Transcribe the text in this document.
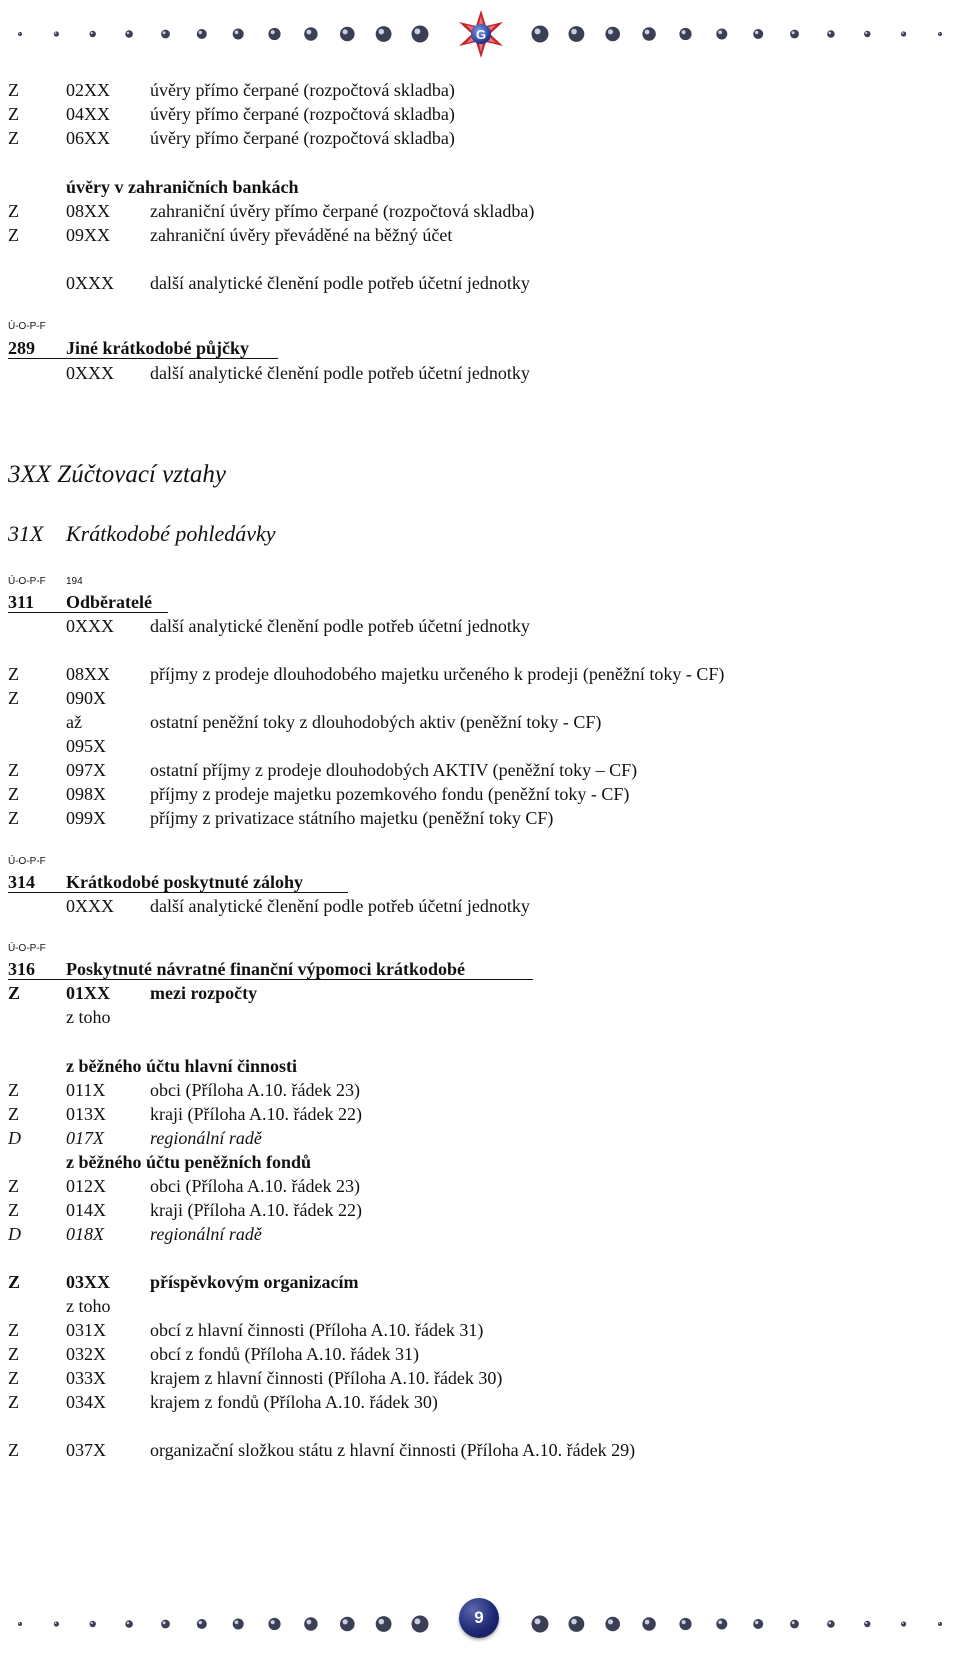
G
Z	02XX úvěry přímo čerpané (rozpočtová skladba)
Z	04XX úvěry přímo čerpané (rozpočtová skladba)
Z	06XX úvěry přímo čerpané (rozpočtová skladba)
úvěry v zahraničních bankách
Z	08XX zahraniční úvěry přímo čerpané (rozpočtová skladba)
Z	09XX zahraniční úvěry převáděné na běžný účet
0XXX další analytické členění podle potřeb účetní jednotky
Ú-O-P-F
289 Jiné krátkodobé půjčky
0XXX další analytické členění podle potřeb účetní jednotky
3XX Zúčtovací vztahy
31X Krátkodobé pohledávky
Ú-O-P-F 194
311 Odběratelé
0XXX další analytické členění podle potřeb účetní jednotky
Z	08XX příjmy z prodeje dlouhodobého majetku určeného k prodeji (peněžní toky - CF)
Z	090X
až	ostatní peněžní toky z dlouhodobých aktiv (peněžní toky - CF)
095X
Z	097X ostatní příjmy z prodeje dlouhodobých AKTIV (peněžní toky – CF)
Z	098X příjmy z prodeje majetku pozemkového fondu (peněžní toky - CF)
Z	099X příjmy z privatizace státního majetku (peněžní toky CF)
Ú-O-P-F
314 Krátkodobé poskytnuté zálohy
0XXX další analytické členění podle potřeb účetní jednotky
Ú-O-P-F
316 Poskytnuté návratné finanční výpomoci krátkodobé
Z	01XX mezi rozpočty
z toho
z běžného účtu hlavní činnosti
Z	011X obci (Příloha A.10. řádek 23)
Z	013X kraji (Příloha A.10. řádek 22)
D	017X	regionální radě
z běžného účtu peněžních fondů
Z	012X obci (Příloha A.10. řádek 23)
Z	014X kraji (Příloha A.10. řádek 22)
D	018X	regionální radě
Z	03XX příspěvkovým organizacím
z toho
Z	031X obcí z hlavní činnosti (Příloha A.10. řádek 31)
Z	032X obcí z fondů (Příloha A.10. řádek 31)
Z	033X krajem z hlavní činnosti (Příloha A.10. řádek 30)
Z	034X krajem z fondů (Příloha A.10. řádek 30)
Z	037X organizační složkou státu z hlavní činnosti (Příloha A.10. řádek 29)
9
